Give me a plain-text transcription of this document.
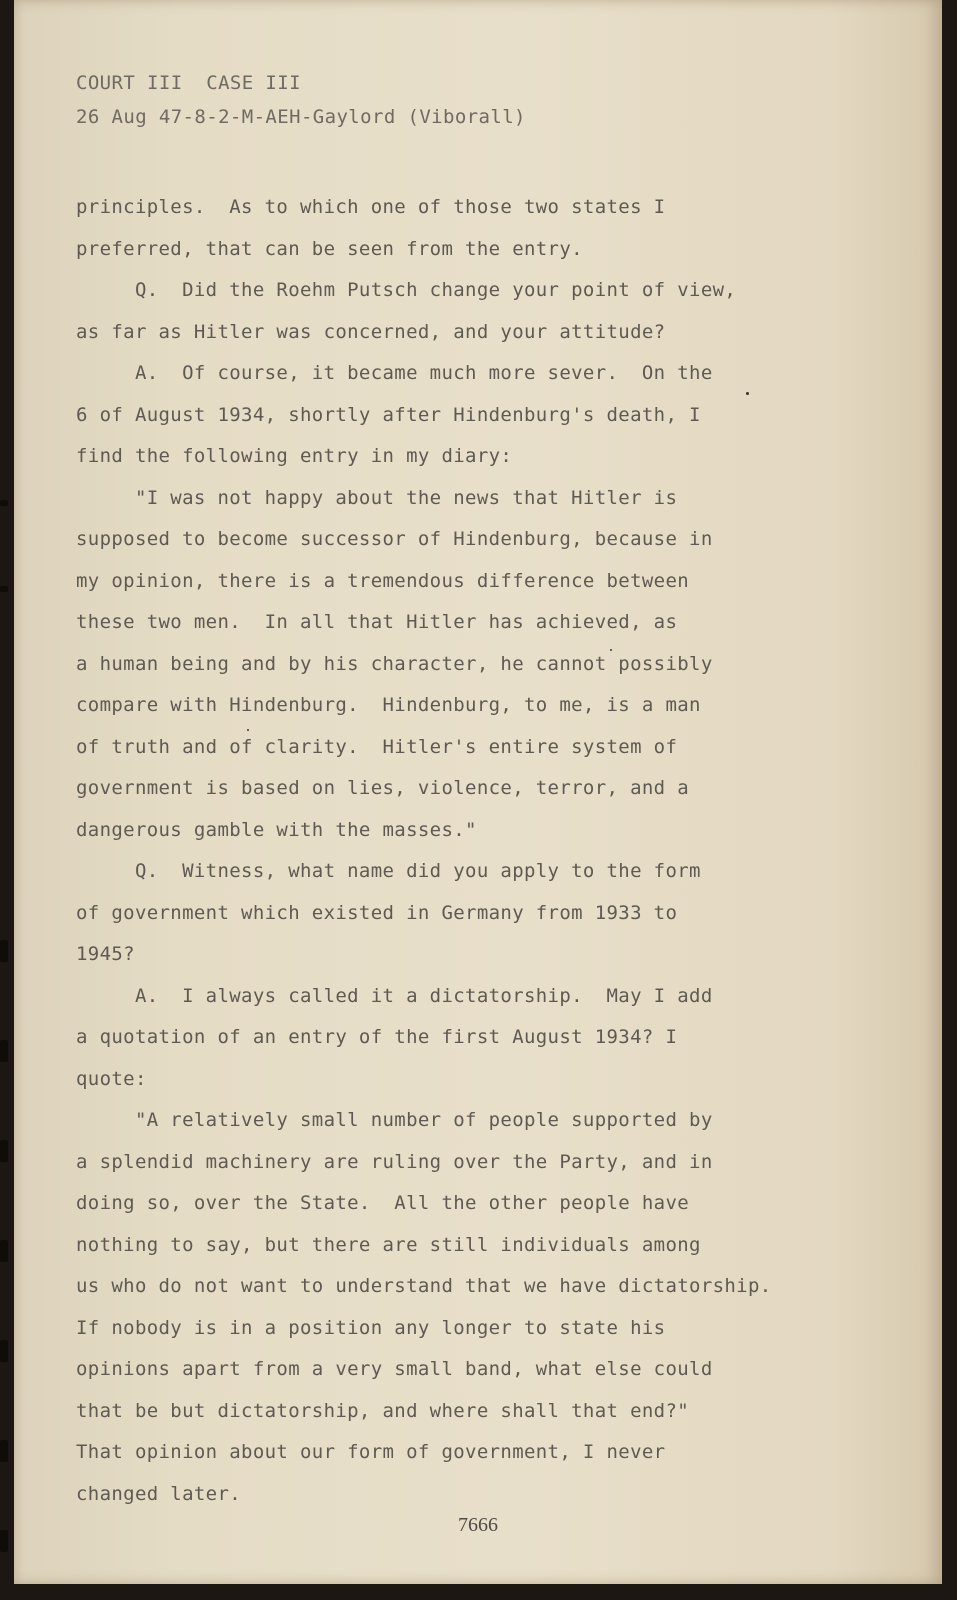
COURT III  CASE III
26 Aug 47-8-2-M-AEH-Gaylord (Viborall)
principles.  As to which one of those two states I
preferred, that can be seen from the entry.
Q.  Did the Roehm Putsch change your point of view,
as far as Hitler was concerned, and your attitude?
A.  Of course, it became much more sever.  On the
6 of August 1934, shortly after Hindenburg's death, I
find the following entry in my diary:
"I was not happy about the news that Hitler is
supposed to become successor of Hindenburg, because in
my opinion, there is a tremendous difference between
these two men.  In all that Hitler has achieved, as
a human being and by his character, he cannot possibly
compare with Hindenburg.  Hindenburg, to me, is a man
of truth and of clarity.  Hitler's entire system of
government is based on lies, violence, terror, and a
dangerous gamble with the masses."
Q.  Witness, what name did you apply to the form
of government which existed in Germany from 1933 to
1945?
A.  I always called it a dictatorship.  May I add
a quotation of an entry of the first August 1934? I
quote:
"A relatively small number of people supported by
a splendid machinery are ruling over the Party, and in
doing so, over the State.  All the other people have
nothing to say, but there are still individuals among
us who do not want to understand that we have dictatorship.
If nobody is in a position any longer to state his
opinions apart from a very small band, what else could
that be but dictatorship, and where shall that end?"
That opinion about our form of government, I never
changed later.
7666
